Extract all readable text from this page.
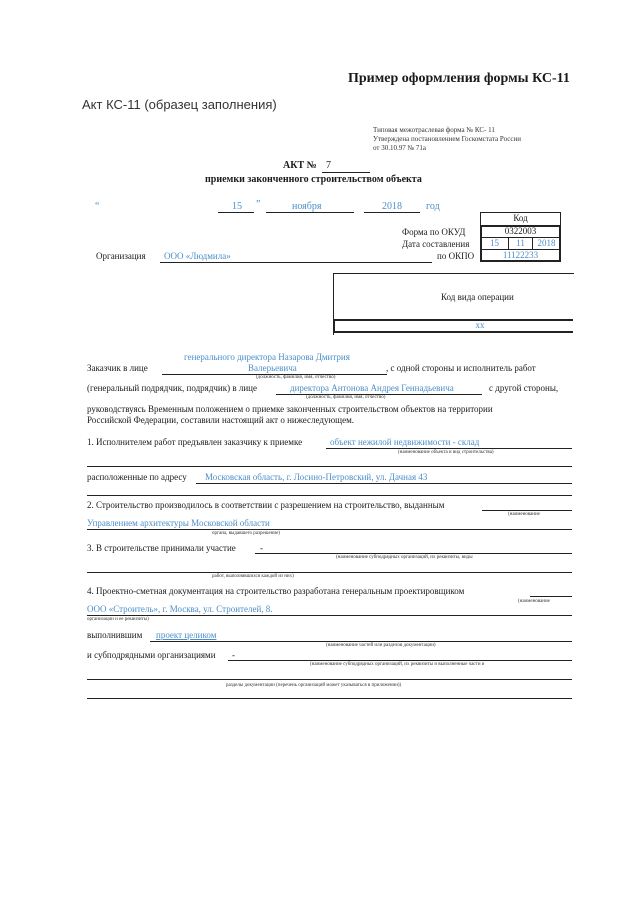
Пример оформления формы КС-11
Акт КС-11 (образец заполнения)
Типовая межотраслевая форма № КС- 11
Утверждена постановлением Госкомстата России
от 30.10.97 № 71а
АКТ № 7
приемки законченного строительством объекта
“	15 ”	ноября	2018 год
Код
Форма по ОКУД	0322003
Дата составления	15	11	2018
по ОКПО	11122233
Организация ООО «Людмила»
Код вида операции
xx
генерального директора Назарова Дмитрия
Заказчик в лице	Валерьевича	, с одной стороны и исполнитель работ
(должность, фамилия, имя, отчество)
(генеральный подрядчик, подрядчик) в лице	директора Антонова Андрея Геннадьевича	с другой стороны,
(должность, фамилия, имя, отчество)
руководствуясь Временным положением о приемке законченных строительством объектов на территории
Российской Федерации, составили настоящий акт о нижеследующем.
1. Исполнителем работ предъявлен заказчику к приемке	объект нежилой недвижимости - склад
(наименование объекта и вид строительства)
расположенные по адресу Московская область, г. Лосино-Петровский, ул. Дачная 43
2. Строительство производилось в соответствии с разрешением на строительство, выданным
(наименование
Управлением архитектуры Московской области
органа, выдавшего разрешение)
3. В строительстве принимали участие	-
(наименование субподрядных организаций, их реквизиты, виды
работ, выполнявшихся каждой из них)
4. Проектно-сметная документация на строительство разработана генеральным проектировщиком
(наименование
ООО «Строитель», г. Москва, ул. Строителей, 8.
организации и ее реквизиты)
выполнившим проект целиком
(наименование частей или разделов документации)
и субподрядными организациями -
(наименование субподрядных организаций, их реквизиты и выполненные части и
разделы документации (перечень организаций может указываться в приложении))
